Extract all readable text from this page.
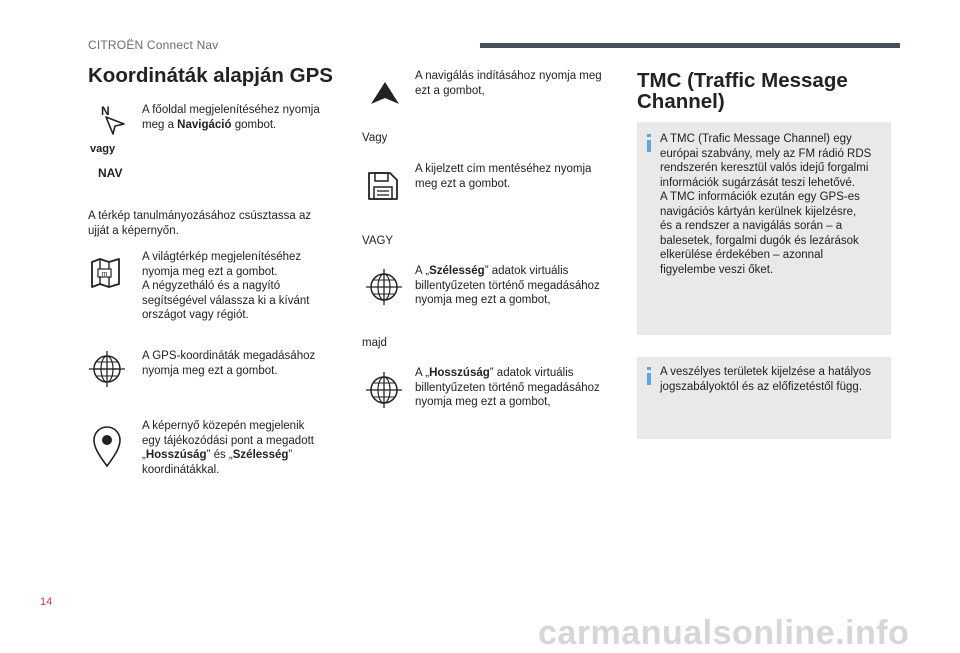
CITROËN Connect Nav
Koordináták alapján GPS
N
vagy
NAV
A főoldal megjelenítéséhez nyomja
meg a Navigáció gombot.
A térkép tanulmányozásához csúsztassa az
ujját a képernyőn.
m
A világtérkép megjelenítéséhez
nyomja meg ezt a gombot.
A négyzetháló és a nagyító
segítségével válassza ki a kívánt
országot vagy régiót.
A GPS-koordináták megadásához
nyomja meg ezt a gombot.
A képernyő közepén megjelenik
egy tájékozódási pont a megadott
„Hosszúság” és „Szélesség”
koordinátákkal.
A navigálás indításához nyomja meg
ezt a gombot,
Vagy
A kijelzett cím mentéséhez nyomja
meg ezt a gombot.
VAGY
A „Szélesség” adatok virtuális
billentyűzeten történő megadásához
nyomja meg ezt a gombot,
majd
A „Hosszúság” adatok virtuális
billentyűzeten történő megadásához
nyomja meg ezt a gombot,
TMC (Traffic Message
Channel)
A TMC (Trafic Message Channel) egy
európai szabvány, mely az FM rádió RDS
rendszerén keresztül valós idejű forgalmi
információk sugárzását teszi lehetővé.
A TMC információk ezután egy GPS-es
navigációs kártyán kerülnek kijelzésre,
és a rendszer a navigálás során – a
balesetek, forgalmi dugók és lezárások
elkerülése érdekében – azonnal
figyelembe veszi őket.
A veszélyes területek kijelzése a hatályos
jogszabályoktól és az előfizetéstől függ.
14
carmanualsonline.info
